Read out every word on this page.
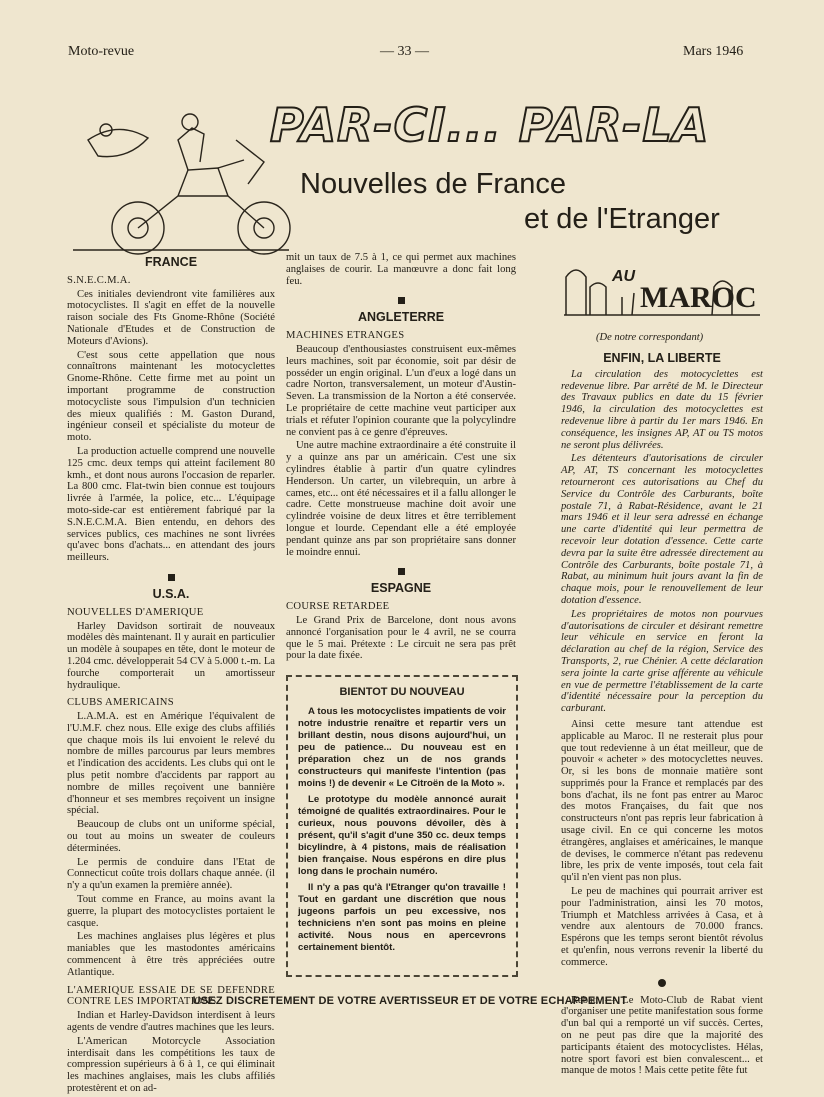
Moto-revue	— 33 —	Mars 1946
PAR-CI... PAR-LA
Nouvelles de France
et de l'Etranger
FRANCE
S.N.E.C.M.A.

Ces initiales deviendront vite familières aux motocyclistes. Il s'agit en effet de la nouvelle raison sociale des Fts Gnome-Rhône (Société Nationale d'Etudes et de Construction de Moteurs d'Avions).

C'est sous cette appellation que nous connaîtrons maintenant les motocyclettes Gnome-Rhône. Cette firme met au point un important programme de construction motocycliste sous l'impulsion d'un technicien des mieux qualifiés : M. Gaston Durand, ingénieur conseil et spécialiste du moteur de moto.

La production actuelle comprend une nouvelle 125 cmc. deux temps qui atteint facilement 80 kmh., et dont nous aurons l'occasion de reparler. La 800 cmc. Flat-twin bien connue est toujours livrée à l'armée, la police, etc... L'équipage moto-side-car est entièrement fabriqué par la S.N.E.C.M.A. Bien entendu, en dehors des services publics, ces machines ne sont livrées qu'avec bons d'achats... en attendant des jours meilleurs.

U.S.A.
NOUVELLES D'AMERIQUE

Harley Davidson sortirait de nouveaux modèles dès maintenant. Il y aurait en particulier un modèle à soupapes en tête, dont le moteur de 1.204 cmc. développerait 54 CV à 5.000 t.-m. La fourche comporterait un amortisseur hydraulique.

CLUBS AMERICAINS

L.A.M.A. est en Amérique l'équivalent de l'U.M.F. chez nous. Elle exige des clubs affiliés que chaque mois ils lui envoient le relevé du nombre de milles parcourus par leurs membres et l'indication des accidents. Les clubs qui ont le plus petit nombre d'accidents par rapport au nombre de milles reçoivent une bannière d'honneur et ses membres reçoivent un insigne spécial.

Beaucoup de clubs ont un uniforme spécial, ou tout au moins un sweater de couleurs déterminées.

Le permis de conduire dans l'Etat de Connecticut coûte trois dollars chaque année. (il n'y a qu'un examen la première année).

Tout comme en France, au moins avant la guerre, la plupart des motocyclistes portaient le casque.

Les machines anglaises plus légères et plus maniables que les mastodontes américains commencent à être très appréciées outre Atlantique.

L'AMERIQUE ESSAIE DE SE DEFENDRE CONTRE LES IMPORTATIONS

Indian et Harley-Davidson interdisent à leurs agents de vendre d'autres machines que les leurs.

L'American Motorcycle Association interdisait dans les compétitions les taux de compression supérieurs à 6 à 1, ce qui éliminait les machines anglaises, mais les clubs affiliés protestèrent et on ad-

mit un taux de 7.5 à 1, ce qui permet aux machines anglaises de courir. La manœuvre a donc fait long feu.

ANGLETERRE
MACHINES ETRANGES

Beaucoup d'enthousiastes construisent eux-mêmes leurs machines, soit par économie, soit par désir de posséder un engin original. L'un d'eux a logé dans un cadre Norton, transversalement, un moteur d'Austin-Seven. La transmission de la Norton a été conservée. Le propriétaire de cette machine veut participer aux trials et réfuter l'opinion courante que la polycylindre ne convient pas à ce genre d'épreuves.

Une autre machine extraordinaire a été construite il y a quinze ans par un américain. C'est une six cylindres établie à partir d'un quatre cylindres Henderson. Un carter, un vilebrequin, un arbre à cames, etc... ont été nécessaires et il a fallu allonger le cadre. Cette monstrueuse machine doit avoir une cylindrée voisine de deux litres et être terriblement longue et lourde. Cependant elle a été employée pendant quinze ans par son propriétaire sans donner le moindre ennui.

ESPAGNE
COURSE RETARDEE

Le Grand Prix de Barcelone, dont nous avons annoncé l'organisation pour le 4 avril, ne se courra que le 5 mai. Prétexte : Le circuit ne sera pas prêt pour la date fixée.

BIENTOT DU NOUVEAU

A tous les motocyclistes impatients de voir notre industrie renaître et repartir vers un brillant destin, nous disons aujourd'hui, un peu de patience... Du nouveau est en préparation chez un de nos grands constructeurs qui manifeste l'intention (pas moins !) de devenir « Le Citroën de la Moto ».

Le prototype du modèle annoncé aurait témoigné de qualités extraordinaires. Pour le curieux, nous pouvons dévoiler, dès à présent, qu'il s'agit d'une 350 cc. deux temps bicylindre, à 4 pistons, mais de réalisation bien française. Nous espérons en dire plus long dans le prochain numéro.

Il n'y a pas qu'à l'Etranger qu'on travaille ! Tout en gardant une discrétion que nous jugeons parfois un peu excessive, nos techniciens n'en sont pas moins en pleine activité. Nous nous en apercevrons certainement bientôt.

AU
MAROC
(De notre correspondant)
ENFIN, LA LIBERTE

La circulation des motocyclettes est redevenue libre. Par arrêté de M. le Directeur des Travaux publics en date du 15 février 1946, la circulation des motocyclettes est redevenue libre à partir du 1er mars 1946. En conséquence, les insignes AP, AT ou TS motos ne seront plus délivrées.

Les détenteurs d'autorisations de circuler AP, AT, TS concernant les motocyclettes retourneront ces autorisations au Chef du Service du Contrôle des Carburants, boîte postale 71, à Rabat-Résidence, avant le 21 mars 1946 et il leur sera adressé en échange une carte d'identité qui leur permettra de recevoir leur dotation d'essence. Cette carte devra par la suite être adressée directement au Contrôle des Carburants, boîte postale 71, à Rabat, au minimum huit jours avant la fin de chaque mois, pour le renouvellement de leur dotation d'essence.

Les propriétaires de motos non pourvues d'autorisations de circuler et désirant remettre leur véhicule en service en feront la déclaration au chef de la région, Service des Transports, 2, rue Chénier. A cette déclaration sera jointe la carte grise afférente au véhicule en vue de permettre l'établissement de la carte d'identité nécessaire pour la perception du carburant.

Ainsi cette mesure tant attendue est applicable au Maroc. Il ne resterait plus pour que tout redevienne à un état meilleur, que de pouvoir « acheter » des motocyclettes neuves. Or, si les bons de monnaie matière sont supprimés pour la France et remplacés par des bons d'achat, ils ne font pas entrer au Maroc des motos Françaises, du fait que nos constructeurs n'ont pas repris leur fabrication à usage civil. En ce qui concerne les motos étrangères, anglaises et américaines, le manque de devises, le commerce n'étant pas redevenu libre, les prix de vente imposés, tout cela fait qu'il n'en vient pas non plus.

Le peu de machines qui pourrait arriver est pour l'administration, ainsi les 70 motos, Triumph et Matchless arrivées à Casa, et à vendre aux alentours de 70.000 francs. Espérons que les temps seront bientôt révolus et qu'enfin, nous verrons revenir la liberté du commerce.

Rabat. — Le Moto-Club de Rabat vient d'organiser une petite manifestation sous forme d'un bal qui a remporté un vif succès. Certes, on ne peut pas dire que la majorité des participants étaient des motocyclistes. Hélas, notre sport favori est bien convalescent... et manque de motos ! Mais cette petite fête fut

USEZ DISCRETEMENT DE VOTRE AVERTISSEUR ET DE VOTRE ECHAPPEMENT
